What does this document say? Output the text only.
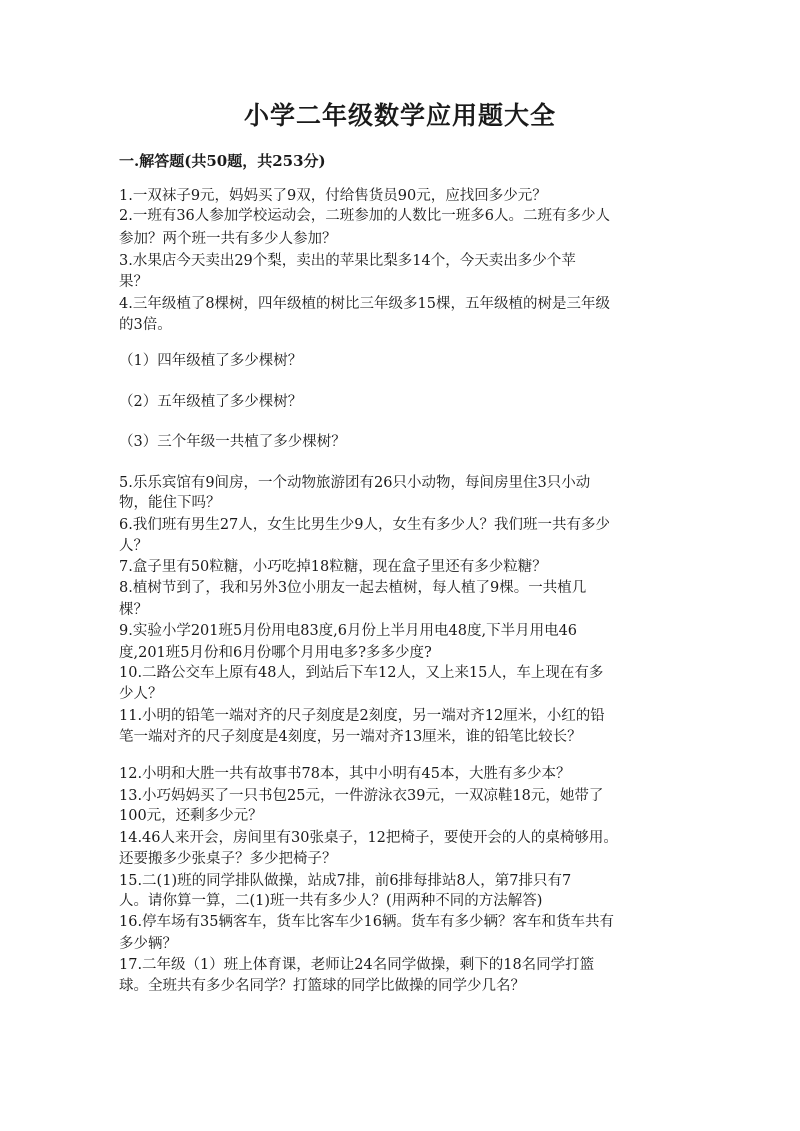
小学二年级数学应用题大全
一.解答题(共50题，共253分)
1.一双袜子9元，妈妈买了9双，付给售货员90元，应找回多少元？
2.一班有36人参加学校运动会，二班参加的人数比一班多6人。二班有多少人
参加？两个班一共有多少人参加？
3.水果店今天卖出29个梨，卖出的苹果比梨多14个，今天卖出多少个苹
果？
4.三年级植了8棵树，四年级植的树比三年级多15棵，五年级植的树是三年级
的3倍。
（1）四年级植了多少棵树？
（2）五年级植了多少棵树？
（3）三个年级一共植了多少棵树？
5.乐乐宾馆有9间房，一个动物旅游团有26只小动物，每间房里住3只小动
物，能住下吗？
6.我们班有男生27人，女生比男生少9人，女生有多少人？我们班一共有多少
人？
7.盒子里有50粒糖，小巧吃掉18粒糖，现在盒子里还有多少粒糖？
8.植树节到了，我和另外3位小朋友一起去植树，每人植了9棵。一共植几
棵？
9.实验小学201班5月份用电83度,6月份上半月用电48度,下半月用电46
度,201班5月份和6月份哪个月用电多?多多少度?
10.二路公交车上原有48人，到站后下车12人，又上来15人，车上现在有多
少人？
11.小明的铅笔一端对齐的尺子刻度是2刻度，另一端对齐12厘米，小红的铅
笔一端对齐的尺子刻度是4刻度，另一端对齐13厘米，谁的铅笔比较长？
12.小明和大胜一共有故事书78本，其中小明有45本，大胜有多少本？
13.小巧妈妈买了一只书包25元，一件游泳衣39元，一双凉鞋18元，她带了
100元，还剩多少元？
14.46人来开会，房间里有30张桌子，12把椅子，要使开会的人的桌椅够用。
还要搬多少张桌子？多少把椅子？
15.二(1)班的同学排队做操，站成7排，前6排每排站8人，第7排只有7
人。请你算一算，二(1)班一共有多少人？(用两种不同的方法解答)
16.停车场有35辆客车，货车比客车少16辆。货车有多少辆？客车和货车共有
多少辆？
17.二年级（1）班上体育课，老师让24名同学做操，剩下的18名同学打篮
球。全班共有多少名同学？打篮球的同学比做操的同学少几名？
